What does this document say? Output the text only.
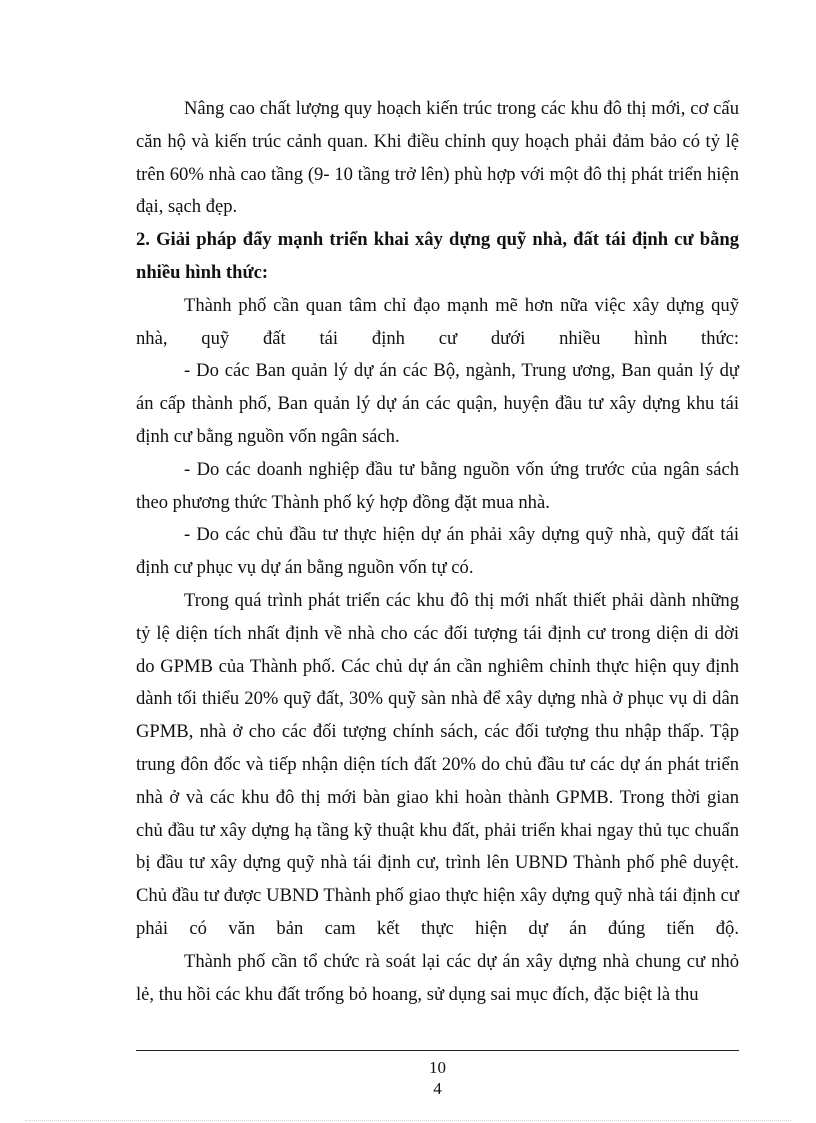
Nâng cao chất lượng quy hoạch kiến trúc trong các khu đô thị mới, cơ cấu căn hộ và kiến trúc cảnh quan. Khi điều chỉnh quy hoạch phải đảm bảo có tỷ lệ trên 60% nhà cao tầng (9- 10 tầng trở lên) phù hợp với một đô thị phát triển hiện đại, sạch đẹp.

2. Giải pháp đẩy mạnh triển khai xây dựng quỹ nhà, đất tái định cư bằng nhiều hình thức:

Thành phố cần quan tâm chỉ đạo mạnh mẽ hơn nữa việc xây dựng quỹ nhà, quỹ đất tái định cư dưới nhiều hình thức:

- Do các Ban quản lý dự án các Bộ, ngành, Trung ương, Ban quản lý dự án cấp thành phố, Ban quản lý dự án các quận, huyện đầu tư xây dựng khu tái định cư bằng nguồn vốn ngân sách.

- Do các doanh nghiệp đầu tư bằng nguồn vốn ứng trước của ngân sách theo phương thức Thành phố ký hợp đồng đặt mua nhà.

- Do các chủ đầu tư thực hiện dự án phải xây dựng quỹ nhà, quỹ đất tái định cư phục vụ dự án bằng nguồn vốn tự có.

Trong quá trình phát triển các khu đô thị mới nhất thiết phải dành những tỷ lệ diện tích nhất định về nhà cho các đối tượng tái định cư trong diện di dời do GPMB của Thành phố. Các chủ dự án cần nghiêm chỉnh thực hiện quy định dành tối thiểu 20% quỹ đất, 30% quỹ sàn nhà để xây dựng nhà ở phục vụ di dân GPMB, nhà ở cho các đối tượng chính sách, các đối tượng thu nhập thấp. Tập trung đôn đốc và tiếp nhận diện tích đất 20% do chủ đầu tư các dự án phát triển nhà ở và các khu đô thị mới bàn giao khi hoàn thành GPMB. Trong thời gian chủ đầu tư xây dựng hạ tầng kỹ thuật khu đất, phải triển khai ngay thủ tục chuẩn bị đầu tư xây dựng quỹ nhà tái định cư, trình lên UBND Thành phố phê duyệt. Chủ đầu tư được UBND Thành phố giao thực hiện xây dựng quỹ nhà tái định cư phải có văn bản cam kết thực hiện dự án đúng tiến độ.

Thành phố cần tổ chức rà soát lại các dự án xây dựng nhà chung cư nhỏ lẻ, thu hồi các khu đất trống bỏ hoang, sử dụng sai mục đích, đặc biệt là thu

10
4
